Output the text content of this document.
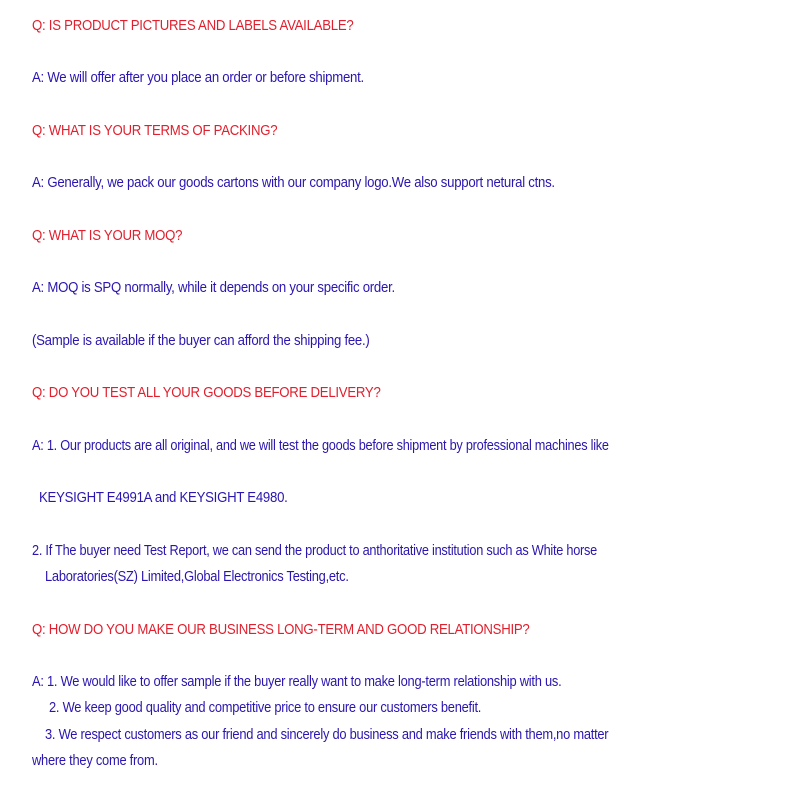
Q: IS PRODUCT PICTURES AND LABELS AVAILABLE?
A: We will offer after you place an order or before shipment.
Q: WHAT IS YOUR TERMS OF PACKING?
A: Generally, we pack our goods cartons with our company logo.We also support netural ctns.
Q: WHAT IS YOUR MOQ?
A: MOQ is SPQ normally, while it depends on your specific order.
(Sample is available if the buyer can afford the shipping fee.)
Q: DO YOU TEST ALL YOUR GOODS BEFORE DELIVERY?
A: 1. Our products are all original, and we will test the goods before shipment by professional machines like
KEYSIGHT E4991A and KEYSIGHT E4980.
2. If The buyer need Test Report, we can send the product to anthoritative institution such as White horse
Laboratories(SZ) Limited,Global Electronics Testing,etc.
Q: HOW DO YOU MAKE OUR BUSINESS LONG-TERM AND GOOD RELATIONSHIP?
A: 1. We would like to offer sample if the buyer really want to make long-term relationship with us.
2. We keep good quality and competitive price to ensure our customers benefit.
3. We respect customers as our friend and sincerely do business and make friends with them,no matter
where they come from.
